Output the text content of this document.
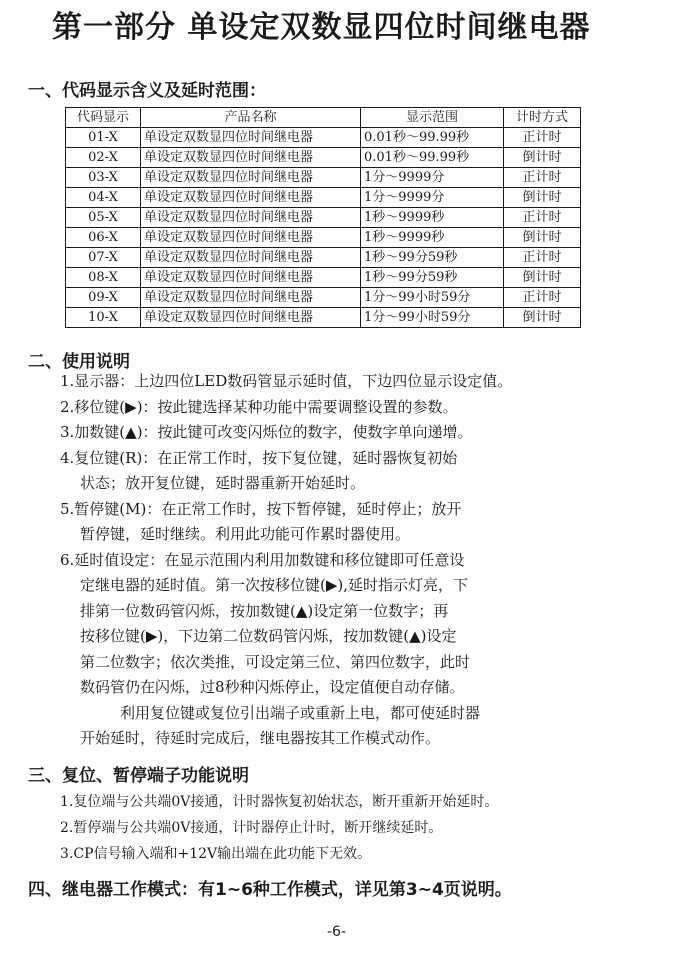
第一部分 单设定双数显四位时间继电器
一、代码显示含义及延时范围：
代码显示	产品名称	显示范围	计时方式
01-X	单设定双数显四位时间继电器	0.01秒～99.99秒	正计时
02-X	单设定双数显四位时间继电器	0.01秒～99.99秒	倒计时
03-X	单设定双数显四位时间继电器	1分～9999分	正计时
04-X	单设定双数显四位时间继电器	1分～9999分	倒计时
05-X	单设定双数显四位时间继电器	1秒～9999秒	正计时
06-X	单设定双数显四位时间继电器	1秒～9999秒	倒计时
07-X	单设定双数显四位时间继电器	1秒～99分59秒	正计时
08-X	单设定双数显四位时间继电器	1秒～99分59秒	倒计时
09-X	单设定双数显四位时间继电器	1分～99小时59分	正计时
10-X	单设定双数显四位时间继电器	1分～99小时59分	倒计时
二、使用说明
1.显示器：上边四位LED数码管显示延时值，下边四位显示设定值。
2.移位键(▶)：按此键选择某种功能中需要调整设置的参数。
3.加数键(▲)：按此键可改变闪烁位的数字，使数字单向递增。
4.复位键(R)：在正常工作时，按下复位键，延时器恢复初始
状态；放开复位键，延时器重新开始延时。
5.暂停键(M)：在正常工作时，按下暂停键，延时停止；放开
暂停键，延时继续。利用此功能可作累时器使用。
6.延时值设定：在显示范围内利用加数键和移位键即可任意设
定继电器的延时值。第一次按移位键(▶),延时指示灯亮，下
排第一位数码管闪烁，按加数键(▲)设定第一位数字；再
按移位键(▶)，下边第二位数码管闪烁，按加数键(▲)设定
第二位数字；依次类推，可设定第三位、第四位数字，此时
数码管仍在闪烁，过8秒种闪烁停止，设定值便自动存储。
利用复位键或复位引出端子或重新上电，都可使延时器
开始延时，待延时完成后，继电器按其工作模式动作。
三、复位、暂停端子功能说明
1.复位端与公共端0V接通，计时器恢复初始状态，断开重新开始延时。
2.暂停端与公共端0V接通，计时器停止计时，断开继续延时。
3.CP信号输入端和+12V输出端在此功能下无效。
四、继电器工作模式：有1~6种工作模式，详见第3~4页说明。
-6-
